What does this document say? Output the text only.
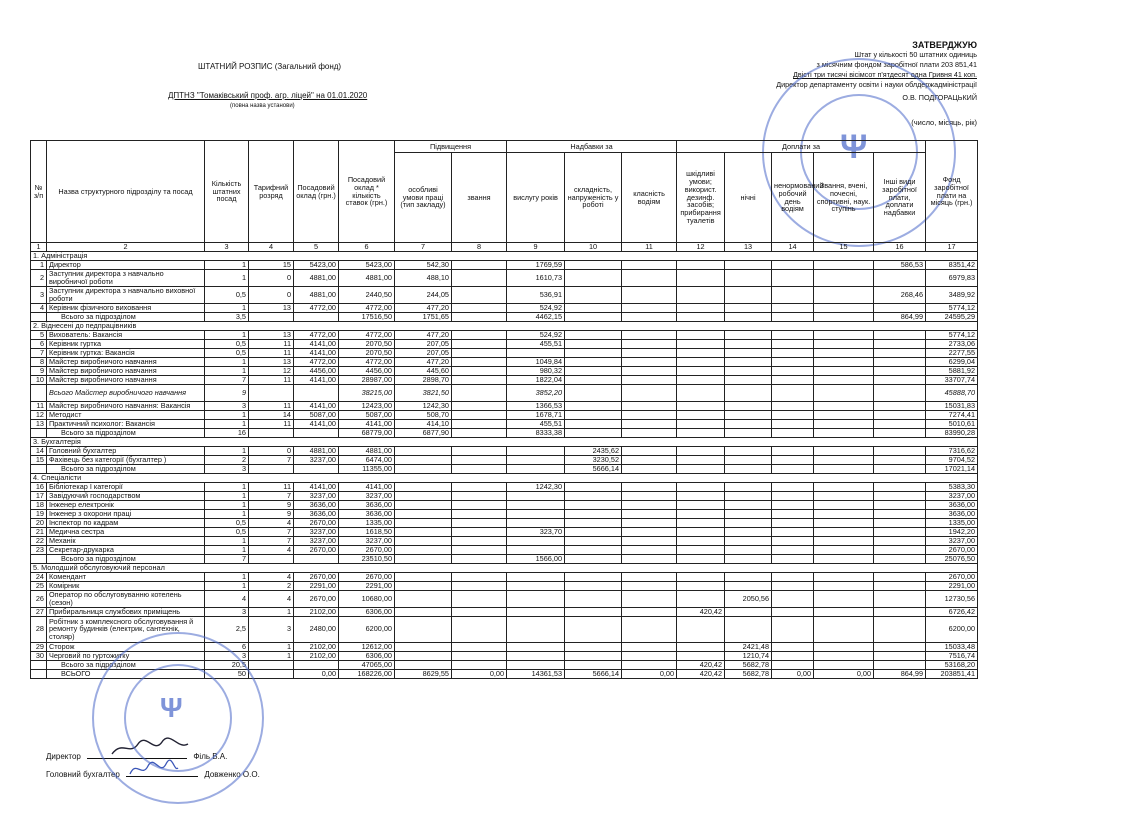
ЗАТВЕРДЖУЮ
Штат у кількості 50 штатних одиниць
з місячним фондом заробітної плати 203 851,41
Двісті три тисячі вісімсот п'ятдесят одна Гривня 41 коп.
Директор департаменту освіти і науки облдержадміністрації
О.В. ПОДГОРАЦЬКИЙ
ШТАТНИЙ РОЗПИС (Загальний фонд)
ДПТНЗ "Томаківський проф. агр. ліцей" на 01.01.2020
(повна назва установи)
(число, місяць, рік)
Ψ
№ з/п	Назва структурного підрозділу та посад	Кількість штатних посад	Тарифний розряд	Посадовий оклад (грн.)	Посадовий оклад * кількість ставок (грн.)	Підвищення		Надбавки за			Доплати за					Фонд заробітної плати на місяць (грн.)
						особливі умови праці (тип закладу)	звання	вислугу років	складність, напруженість у роботі	класність водіям	шкідливі умови; використ. дезинф. засобів; прибирання туалетів	нічні	ненормований робочий день водіям	Звання, вчені, почесні, спортивні, наук. ступінь	Інші види заробітної плати, доплати надбавки	
1	2	3	4	5	6	7	8	9	10	11	12	13	14	15	16	17
1. Адміністрація																
1	Директор	1	15	5423,00	5423,00	542,30		1769,59							586,53	8351,42
2	Заступник директора з навчально виробничої роботи	1	0	4881,00	4881,00	488,10		1610,73								6979,83
3	Заступник директора з навчально виховної роботи	0,5	0	4881,00	2440,50	244,05		536,91							268,46	3489,92
4	Керівник фізичного виховання	1	13	4772,00	4772,00	477,20		524,92								5774,12
	Всього за підрозділом	3,5			17516,50	1751,65		4462,15							864,99	24595,29
2. Віднесені до педпрацівників																
5	Вихователь: Вакансія	1	13	4772,00	4772,00	477,20		524,92								5774,12
6	Керівник гуртка	0,5	11	4141,00	2070,50	207,05		455,51								2733,06
7	Керівник гуртка: Вакансія	0,5	11	4141,00	2070,50	207,05										2277,55
8	Майстер виробничого навчання	1	13	4772,00	4772,00	477,20		1049,84								6299,04
9	Майстер виробничого навчання	1	12	4456,00	4456,00	445,60		980,32								5881,92
10	Майстер виробничого навчання	7	11	4141,00	28987,00	2898,70		1822,04								33707,74
	Всього Майстер виробничого навчання	9			38215,00	3821,50		3852,20								45888,70
11	Майстер виробничого навчання: Вакансія	3	11	4141,00	12423,00	1242,30		1366,53								15031,83
12	Методист	1	14	5087,00	5087,00	508,70		1678,71								7274,41
13	Практичний психолог: Вакансія	1	11	4141,00	4141,00	414,10		455,51								5010,61
	Всього за підрозділом	16			68779,00	6877,90		8333,38								83990,28
3. Бухгалтерія																
14	Головний бухгалтер	1	0	4881,00	4881,00				2435,62							7316,62
15	Фахівець без категорії (бухгалтер )	2	7	3237,00	6474,00				3230,52							9704,52
	Всього за підрозділом	3			11355,00				5666,14							17021,14
4. Спеціалісти																
16	Бібліотекар І категорії	1	11	4141,00	4141,00			1242,30								5383,30
17	Завідуючий господарством	1	7	3237,00	3237,00											3237,00
18	Інженер електронік	1	9	3636,00	3636,00											3636,00
19	Інженер з охорони праці	1	9	3636,00	3636,00											3636,00
20	Інспектор по кадрам	0,5	4	2670,00	1335,00											1335,00
21	Медична сестра	0,5	7	3237,00	1618,50			323,70								1942,20
22	Механік	1	7	3237,00	3237,00											3237,00
23	Секретар-друкарка	1	4	2670,00	2670,00											2670,00
	Всього за підрозділом	7			23510,50			1566,00								25076,50
5. Молодший обслуговуючий персонал																
24	Комендант	1	4	2670,00	2670,00											2670,00
25	Комірник	1	2	2291,00	2291,00											2291,00
26	Оператор по обслуговуванню котелень (сезон)	4	4	2670,00	10680,00							2050,56				12730,56
27	Прибиральниця службових приміщень	3	1	2102,00	6306,00						420,42					6726,42
28	Робітник з комплексного обслуговування й ремонту будинків (електрик, сантехнік, столяр)	2,5	3	2480,00	6200,00											6200,00
29	Сторож	6	1	2102,00	12612,00							2421,48				15033,48
30	Черговий по гуртожитку	3	1	2102,00	6306,00							1210,74				7516,74
	Всього за підрозділом	20,5			47065,00						420,42	5682,78				53168,20
	ВСЬОГО	50		0,00	168226,00	8629,55	0,00	14361,53	5666,14	0,00	420,42	5682,78	0,00	0,00	864,99	203851,41
Директор	Філь В.А.
Головний бухгалтер	Довженко О.О.
Ψ
